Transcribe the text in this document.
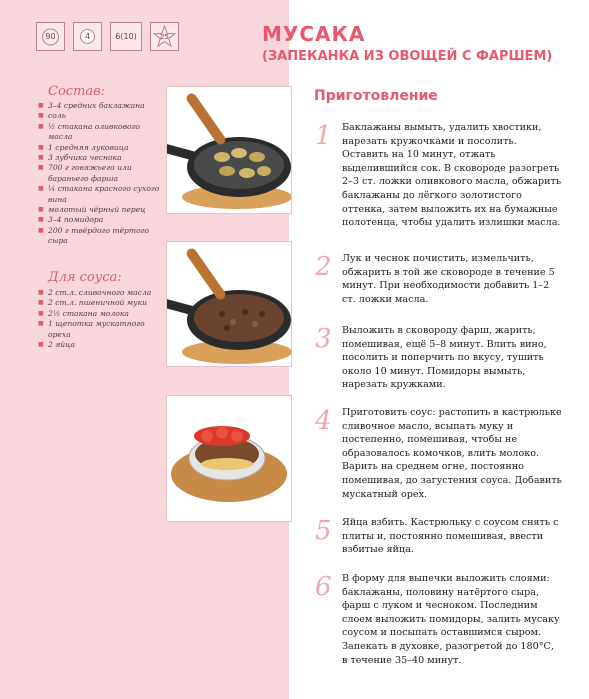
90	4	6(10)	25
Состав:
■ 3–4 средних баклажана
■ соль
■ ½ стакана оливкового масла
■ 1 средняя луковица
■ 3 зубчика чеснока
■ 700 г говяжьего или бараньего фарша
■ ¼ стакана красного сухого вина
■ молотый чёрный перец
■ 3–4 помидора
■ 200 г твёрдого тёртого сыра
Для соуса:
■ 2 ст.л. сливочного масла
■ 2 ст.л. пшеничной муки
■ 2½ стакана молока
■ 1 щепотка мускатного ореха
■ 2 яйца
МУСАКА
(ЗАПЕКАНКА ИЗ ОВОЩЕЙ С ФАРШЕМ)
Приготовление
1 Баклажаны вымыть, удалить хвостики, нарезать кружочками и посолить. Оставить на 10 минут, отжать выделившийся сок. В сковороде разогреть 2–3 ст. ложки оливкового масла, обжарить баклажаны до лёгкого золотистого оттенка, затем выложить их на бумажные полотенца, чтобы удалить излишки масла.
2 Лук и чеснок почистить, измельчить, обжарить в той же сковороде в течение 5 минут. При необходимости добавить 1–2 ст. ложки масла.
3 Выложить в сковороду фарш, жарить, помешивая, ещё 5–8 минут. Влить вино, посолить и поперчить по вкусу, тушить около 10 минут. Помидоры вымыть, нарезать кружками.
4 Приготовить соус: растопить в кастрюльке сливочное масло, всыпать муку и постепенно, помешивая, чтобы не образовалось комочков, влить молоко. Варить на среднем огне, постоянно помешивая, до загустения соуса. Добавить мускатный орех.
5 Яйца взбить. Кастрюльку с соусом снять с плиты и, постоянно помешивая, ввести взбитые яйца.
6 В форму для выпечки выложить слоями: баклажаны, половину натёртого сыра, фарш с луком и чесноком. Последним слоем выложить помидоры, залить мусаку соусом и посыпать оставшимся сыром. Запекать в духовке, разогретой до 180°С, в течение 35–40 минут.
